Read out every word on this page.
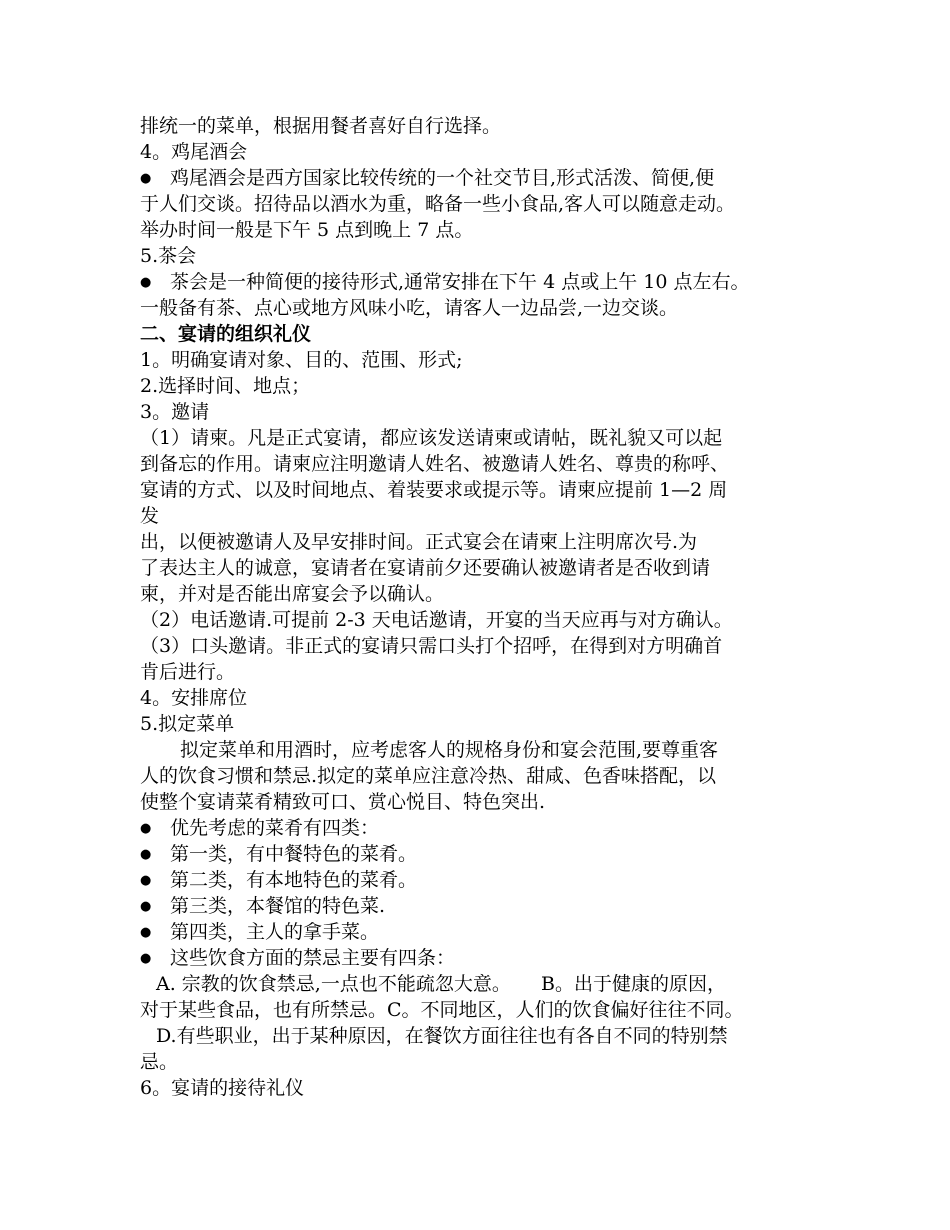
排统一的菜单，根据用餐者喜好自行选择。
4。鸡尾酒会
● 鸡尾酒会是西方国家比较传统的一个社交节目,形式活泼、简便,便
于人们交谈。招待品以酒水为重，略备一些小食品,客人可以随意走动。
举办时间一般是下午 5 点到晚上 7 点。
5.茶会
● 茶会是一种简便的接待形式,通常安排在下午 4 点或上午 10 点左右。
一般备有茶、点心或地方风味小吃，请客人一边品尝,一边交谈。
二、宴请的组织礼仪
1。明确宴请对象、目的、范围、形式;
2.选择时间、地点；
3。邀请
（1）请柬。凡是正式宴请，都应该发送请柬或请帖，既礼貌又可以起
到备忘的作用。请柬应注明邀请人姓名、被邀请人姓名、尊贵的称呼、
宴请的方式、以及时间地点、着装要求或提示等。请柬应提前 1—2 周
发
出，以便被邀请人及早安排时间。正式宴会在请柬上注明席次号.为
了表达主人的诚意，宴请者在宴请前夕还要确认被邀请者是否收到请
柬，并对是否能出席宴会予以确认。
（2）电话邀请.可提前 2-3 天电话邀请，开宴的当天应再与对方确认。
（3）口头邀请。非正式的宴请只需口头打个招呼，在得到对方明确首
肯后进行。
4。安排席位
5.拟定菜单
拟定菜单和用酒时，应考虑客人的规格身份和宴会范围,要尊重客
人的饮食习惯和禁忌.拟定的菜单应注意冷热、甜咸、色香味搭配，以
使整个宴请菜肴精致可口、赏心悦目、特色突出.
● 优先考虑的菜肴有四类：
● 第一类，有中餐特色的菜肴。
● 第二类，有本地特色的菜肴。
● 第三类，本餐馆的特色菜.
● 第四类，主人的拿手菜。
● 这些饮食方面的禁忌主要有四条：
A. 宗教的饮食禁忌,一点也不能疏忽大意。     B。出于健康的原因，
对于某些食品，也有所禁忌。C。不同地区，人们的饮食偏好往往不同。
D.有些职业，出于某种原因，在餐饮方面往往也有各自不同的特别禁
忌。
6。宴请的接待礼仪
